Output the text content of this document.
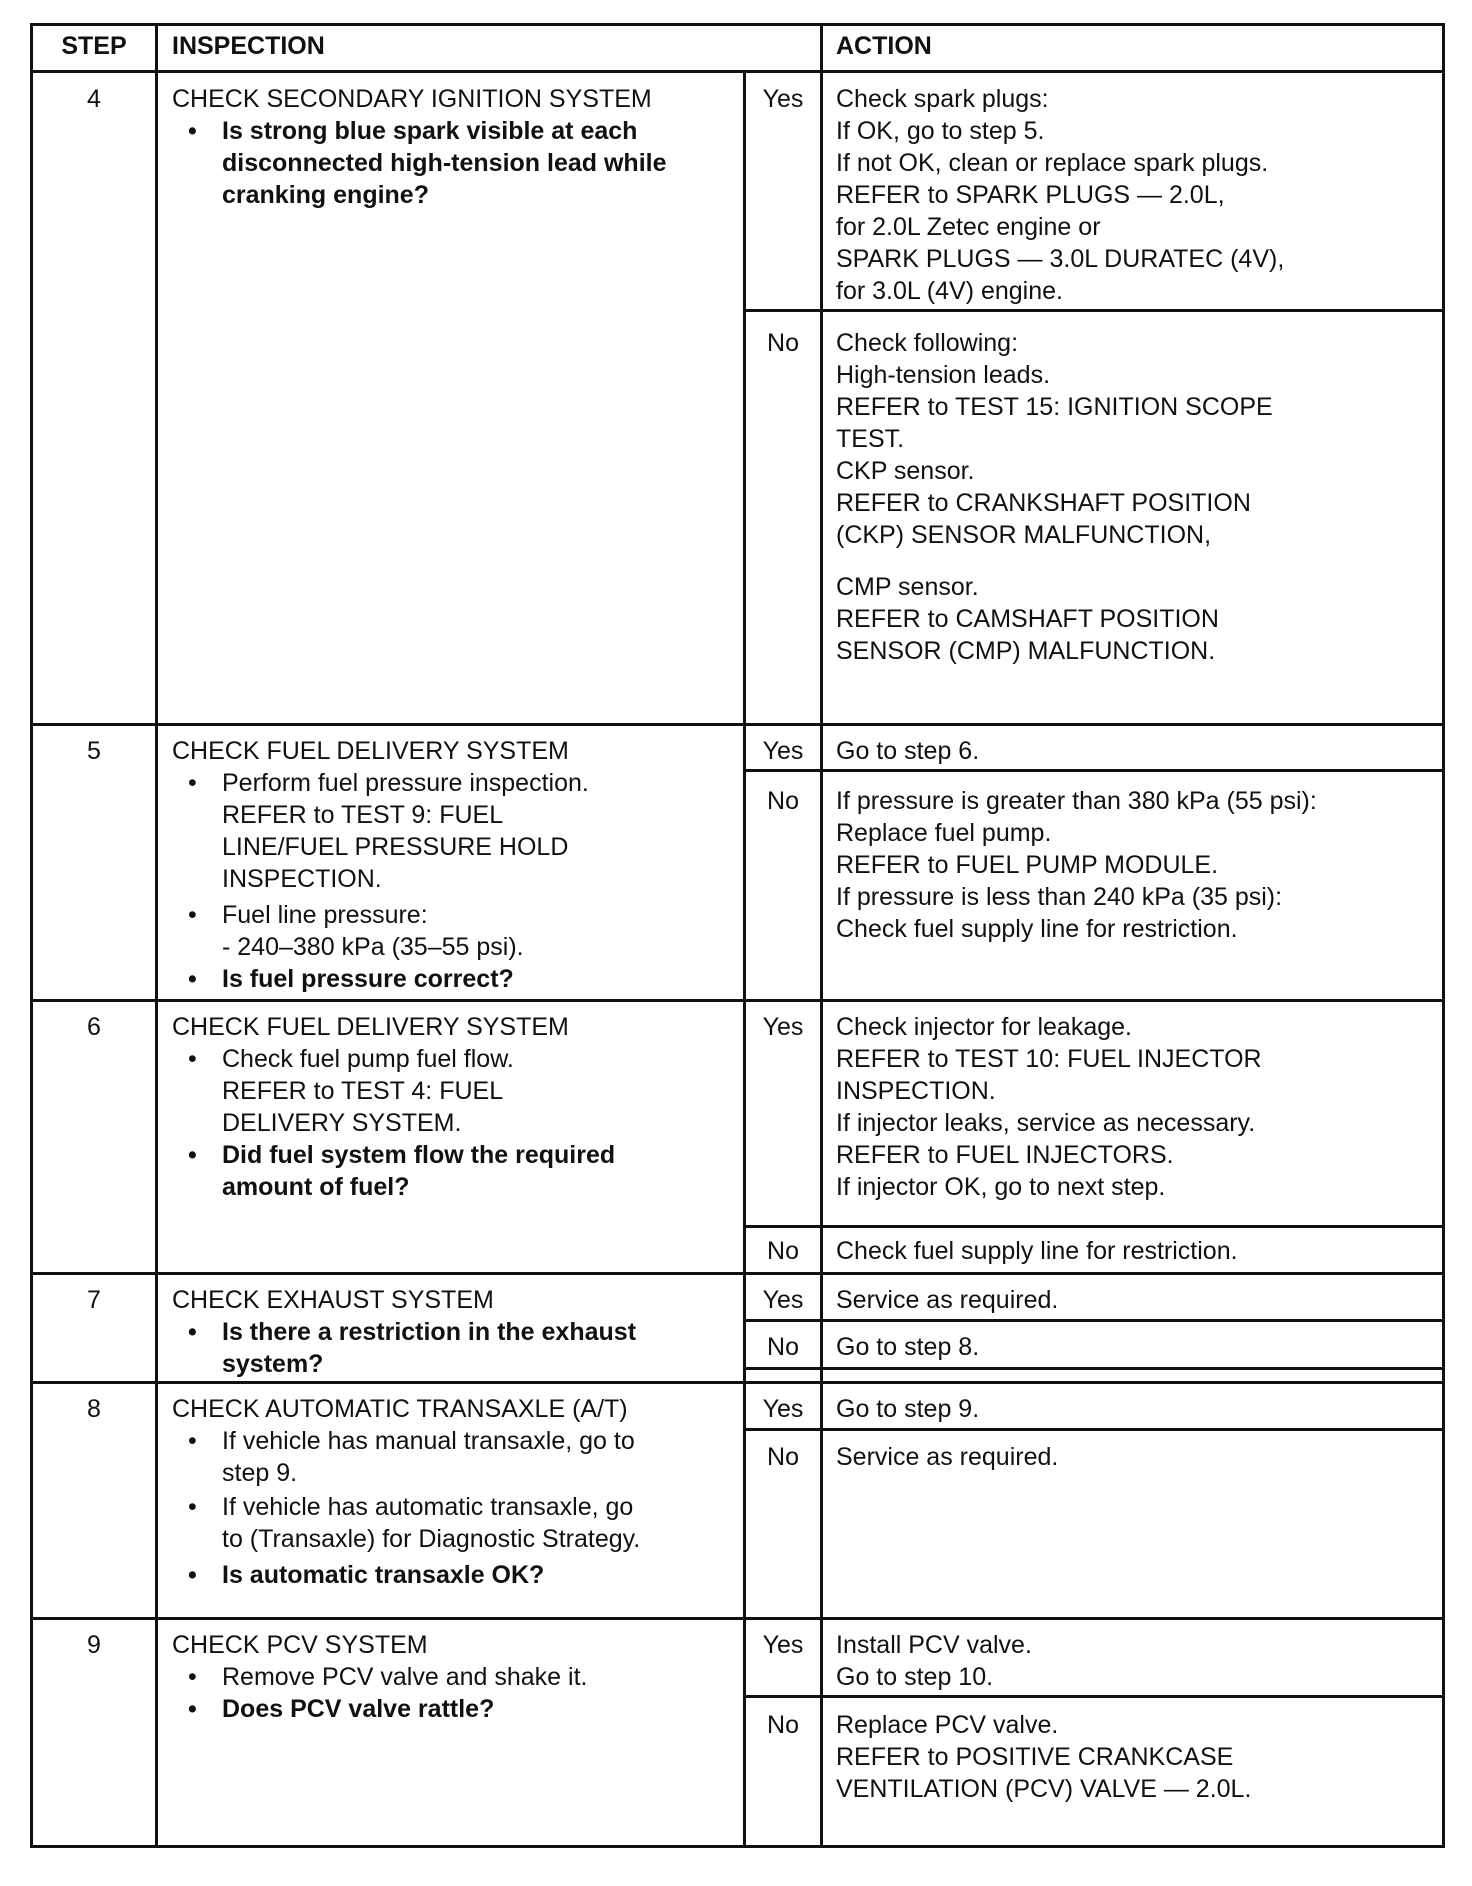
STEP	INSPECTION	ACTION
4	CHECK SECONDARY IGNITION SYSTEM
• Is strong blue spark visible at each
disconnected high-tension lead while
cranking engine?
Yes	Check spark plugs:
If OK, go to step 5.
If not OK, clean or replace spark plugs.
REFER to SPARK PLUGS — 2.0L,
for 2.0L Zetec engine or
SPARK PLUGS — 3.0L DURATEC (4V),
for 3.0L (4V) engine.
No	Check following:
High-tension leads.
REFER to TEST 15: IGNITION SCOPE
TEST.
CKP sensor.
REFER to CRANKSHAFT POSITION
(CKP) SENSOR MALFUNCTION,
CMP sensor.
REFER to CAMSHAFT POSITION
SENSOR (CMP) MALFUNCTION.
5	CHECK FUEL DELIVERY SYSTEM
• Perform fuel pressure inspection.
REFER to TEST 9: FUEL
LINE/FUEL PRESSURE HOLD
INSPECTION.
• Fuel line pressure:
- 240–380 kPa (35–55 psi).
• Is fuel pressure correct?
Yes	Go to step 6.
No	If pressure is greater than 380 kPa (55 psi):
Replace fuel pump.
REFER to FUEL PUMP MODULE.
If pressure is less than 240 kPa (35 psi):
Check fuel supply line for restriction.
6	CHECK FUEL DELIVERY SYSTEM
• Check fuel pump fuel flow.
REFER to TEST 4: FUEL
DELIVERY SYSTEM.
• Did fuel system flow the required
amount of fuel?
Yes	Check injector for leakage.
REFER to TEST 10: FUEL INJECTOR
INSPECTION.
If injector leaks, service as necessary.
REFER to FUEL INJECTORS.
If injector OK, go to next step.
No	Check fuel supply line for restriction.
7	CHECK EXHAUST SYSTEM
• Is there a restriction in the exhaust
system?
Yes	Service as required.
No	Go to step 8.
8	CHECK AUTOMATIC TRANSAXLE (A/T)
• If vehicle has manual transaxle, go to
step 9.
• If vehicle has automatic transaxle, go
to (Transaxle) for Diagnostic Strategy.
• Is automatic transaxle OK?
Yes	Go to step 9.
No	Service as required.
9	CHECK PCV SYSTEM
• Remove PCV valve and shake it.
• Does PCV valve rattle?
Yes	Install PCV valve.
Go to step 10.
No	Replace PCV valve.
REFER to POSITIVE CRANKCASE
VENTILATION (PCV) VALVE — 2.0L.
